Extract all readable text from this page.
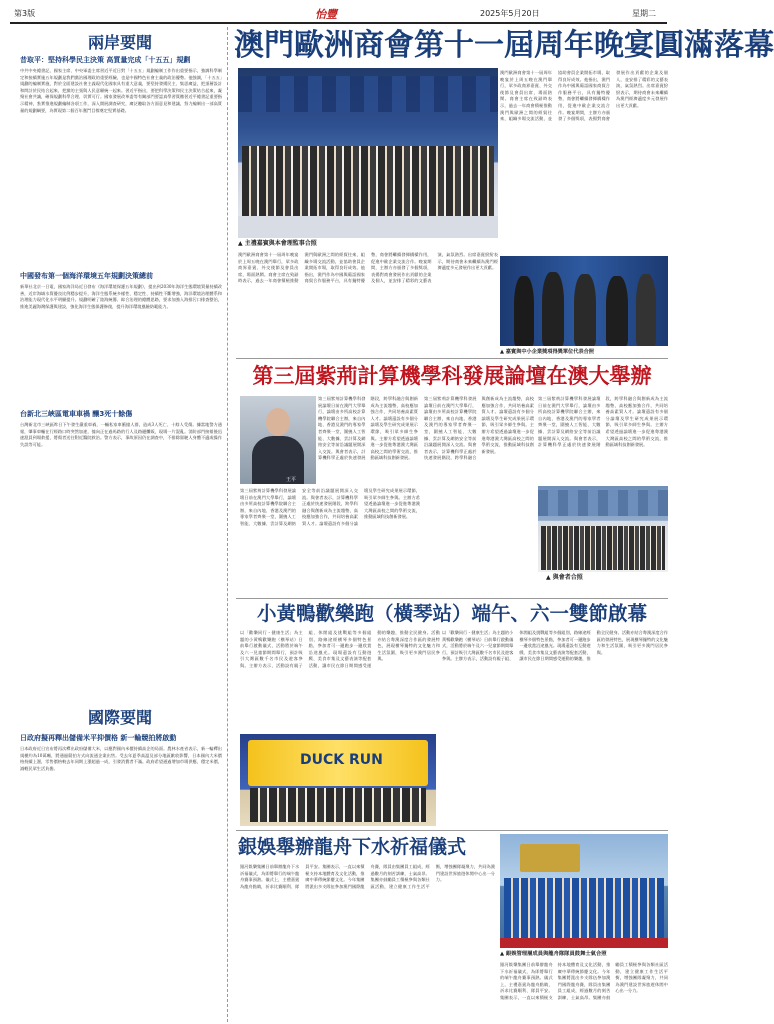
第3版	怡豐	2025年5月20日	星期二
兩岸要聞
昔取平：堅持科學民主決策 高質量完成「十五五」規劃
中共中央總書記、國家主席、中央軍委主席習近平近日對「十五五」規劃編制工作作出重要指示，強調科學制定和接續實施五年規劃是我們黨治國理政的重要經驗，也是中國特色社會主義的政治優勢。他強調，「十五五」規劃的編制實施，對於全面建設社會主義現代化國家具有重大意義，要堅持發揚民主、集思廣益，把頂層設計和問計於民結合起來，把黨的主張與人民意願統一起來。習近平指出，要把科學決策和民主決策結合起來，凝聚社會共識，確保規劃科學合理、切實可行。國家發展改革委等有關部門要認真學習貫徹習近平總書記重要指示精神，紮實推進規劃編制各項工作，深入開展調查研究，廣泛聽取各方面意見和建議，努力編制出一部高質量的規劃綱要，為實現第二個百年奮鬥目標奠定堅實基礎。
中國發布第一個海洋環境五年規劃決策總前
新華社北京一日電，國家海洋局近日發布《海洋環境保護五年規劃》，提出到2030年海洋生態環境質量持續改善，近岸海域水質優良比例穩步提升，海洋生態系統多樣性、穩定性、持續性不斷增強，海洋環境治理體系和治理能力現代化水平明顯提升。規劃明確了陸海統籌、綜合治理的總體思路，要求加強入海排污口排查整治，推進美麗海灣保護與建設，強化海洋生態保護修復，提升海洋環境風險防範能力。
台新北三峽區電車車禍 釀3死十餘傷
台灣新北市三峽區昨日下午發生嚴重車禍，一輛私家車衝撞人群，造成3人死亡、十餘人受傷。據當地警方通報，肇事車輛在行經路口時突然加速，撞向正在過馬路的行人及路邊攤販，現場一片混亂。消防部門接報後迅速派員到場救援，將傷者送往附近醫院救治。警方表示，事故原因仍在調查中，不排除駕駛人身體不適或操作失誤等可能。
國際要聞
日政府擬再釋出儲備米平抑價格 新一輪競拍將啟動
日本政府近日宣布將再次釋出政府儲備大米，以應對國內米價持續高企的局面。農林水產省表示，新一輪釋出規模約為10萬噸，將通過競拍方式向流通企業出售。受去年夏季高溫及部分地區歉收影響，日本國內大米價格持續上漲，零售價格較去年同期上漲超過一成，引發消費者不滿。政府希望通過增加市場供應，穩定米價，減輕民眾生活負擔。
澳門歐洲商會第十一屆周年晚宴圓滿落幕
▲ 主禮嘉賓與本會理監事合照
澳門歐洲商會第十一屆周年晚宴於上周五晚在澳門舉行，眾多政商界嘉賓、外交使節及會員出席，場面熱鬧。商會主席在致辭時表示，過去一年商會積極推動澳門與歐洲之間的經貿往來，組織多場交流活動，並協助會員企業開拓市場，取得良好成效。他指出，澳門作為中國與葡語國家商貿合作服務平台，具有獨特優勢，商會將繼續發揮橋樑作用，促進中歐企業交流合作。晚宴期間，主辦方亦頒發了多個獎項，表揚對商會發展作出貢獻的企業及個人，並安排了精彩的文藝表演，氣氛熱烈。出席嘉賓紛紛表示，期待商會未來繼續為澳門經濟適度多元發展作出更大貢獻。
澳門歐洲商會第十一屆周年晚宴於上周五晚在澳門舉行，眾多政商界嘉賓、外交使節及會員出席，場面熱鬧。商會主席在致辭時表示，過去一年商會積極推動澳門與歐洲之間的經貿往來，組織多場交流活動，並協助會員企業開拓市場，取得良好成效。他指出，澳門作為中國與葡語國家商貿合作服務平台，具有獨特優勢，商會將繼續發揮橋樑作用，促進中歐企業交流合作。晚宴期間，主辦方亦頒發了多個獎項，表揚對商會發展作出貢獻的企業及個人，並安排了精彩的文藝表演，氣氛熱烈。出席嘉賓紛紛表示，期待商會未來繼續為澳門經濟適度多元發展作出更大貢獻。
▲ 嘉賓與中小企業獎項得獎單位代表合照
第三屆紫荊計算機學科發展論壇在澳大舉辦
王平
第三屆紫荊計算機學科發展論壇日前在澳門大學舉行，論壇由多所高校計算機學院聯合主辦，來自內地、香港及澳門的專家學者齊聚一堂，圍繞人工智能、大數據、雲計算及網絡安全等前沿議題展開深入交流。與會者表示，計算機科學正處於快速發展階段，跨學科融合與創新成為主流趨勢，高校應加強合作，共同培養高素質人才。論壇還設有多個分論壇及學生研究成果展示環節，吸引眾多師生參與。主辦方希望透過論壇進一步促進粵港澳大灣區高校之間的學術交流，推動區域科技創新發展。
第三屆紫荊計算機學科發展論壇日前在澳門大學舉行，論壇由多所高校計算機學院聯合主辦，來自內地、香港及澳門的專家學者齊聚一堂，圍繞人工智能、大數據、雲計算及網絡安全等前沿議題展開深入交流。與會者表示，計算機科學正處於快速發展階段，跨學科融合與創新成為主流趨勢，高校應加強合作，共同培養高素質人才。論壇還設有多個分論壇及學生研究成果展示環節，吸引眾多師生參與。主辦方希望透過論壇進一步促進粵港澳大灣區高校之間的學術交流，推動區域科技創新發展。
第三屆紫荊計算機學科發展論壇日前在澳門大學舉行，論壇由多所高校計算機學院聯合主辦，來自內地、香港及澳門的專家學者齊聚一堂，圍繞人工智能、大數據、雲計算及網絡安全等前沿議題展開深入交流。與會者表示，計算機科學正處於快速發展階段，跨學科融合與創新成為主流趨勢，高校應加強合作，共同培養高素質人才。論壇還設有多個分論壇及學生研究成果展示環節，吸引眾多師生參與。主辦方希望透過論壇進一步促進粵港澳大灣區高校之間的學術交流，推動區域科技創新發展。
第三屆紫荊計算機學科發展論壇日前在澳門大學舉行，論壇由多所高校計算機學院聯合主辦，來自內地、香港及澳門的專家學者齊聚一堂，圍繞人工智能、大數據、雲計算及網絡安全等前沿議題展開深入交流。與會者表示，計算機科學正處於快速發展階段，跨學科融合與創新成為主流趨勢，高校應加強合作，共同培養高素質人才。論壇還設有多個分論壇及學生研究成果展示環節，吸引眾多師生參與。主辦方希望透過論壇進一步促進粵港澳大灣區高校之間的學術交流，推動區域科技創新發展。
▲ 與會者合照
小黃鴨歡樂跑（橫琴站）端午、六一雙節啟幕
以「歡樂同行・健康生活」為主題的小黃鴨歡樂跑（橫琴站）日前舉行啟動儀式，活動將於端午及六一兒童節期間舉行，預計吸引大灣區數千名市民及遊客參與。主辦方表示，活動設有親子組、休閒組及挑戰組等多個組別，路線途經橫琴多個特色景點，參加者可一邊跑步一邊欣賞沿途風光。現場還設有互動遊戲、美食市集及文藝表演等配套活動，讓市民在節日期間感受運動的樂趣，推動全民健身。活動亦結合粵澳深度合作區的發展特色，展現橫琴獨特的文化魅力和生活氛圍，吸引更多澳門居民參與。
以「歡樂同行・健康生活」為主題的小黃鴨歡樂跑（橫琴站）日前舉行啟動儀式，活動將於端午及六一兒童節期間舉行，預計吸引大灣區數千名市民及遊客參與。主辦方表示，活動設有親子組、休閒組及挑戰組等多個組別，路線途經橫琴多個特色景點，參加者可一邊跑步一邊欣賞沿途風光。現場還設有互動遊戲、美食市集及文藝表演等配套活動，讓市民在節日期間感受運動的樂趣，推動全民健身。活動亦結合粵澳深度合作區的發展特色，展現橫琴獨特的文化魅力和生活氛圍，吸引更多澳門居民參與。
DUCK RUN
銀娛舉辦龍舟下水祈福儀式
銀河娛樂集團日前舉辦龍舟下水祈福儀式，為即將舉行的端午龍舟賽事預熱。儀式上，主禮嘉賓為龍舟點睛，祈求比賽順利、隊員平安。集團表示，一直以來積極支持本地體育及文化活動，推廣中華傳統節慶文化。今年集團將派出多支隊伍參加澳門國際龍舟賽，隊員由集團員工組成，經過數月的刻苦訓練，士氣高昂。集團亦鼓勵員工積極參與各類社區活動，建立健康工作生活平衡，增強團隊凝聚力，共同為澳門建設世界旅遊休閒中心出一分力。
▲ 銀娛管理層成員與龍舟隊隊員鼓舞士氣合照
銀河娛樂集團日前舉辦龍舟下水祈福儀式，為即將舉行的端午龍舟賽事預熱。儀式上，主禮嘉賓為龍舟點睛，祈求比賽順利、隊員平安。集團表示，一直以來積極支持本地體育及文化活動，推廣中華傳統節慶文化。今年集團將派出多支隊伍參加澳門國際龍舟賽，隊員由集團員工組成，經過數月的刻苦訓練，士氣高昂。集團亦鼓勵員工積極參與各類社區活動，建立健康工作生活平衡，增強團隊凝聚力，共同為澳門建設世界旅遊休閒中心出一分力。
